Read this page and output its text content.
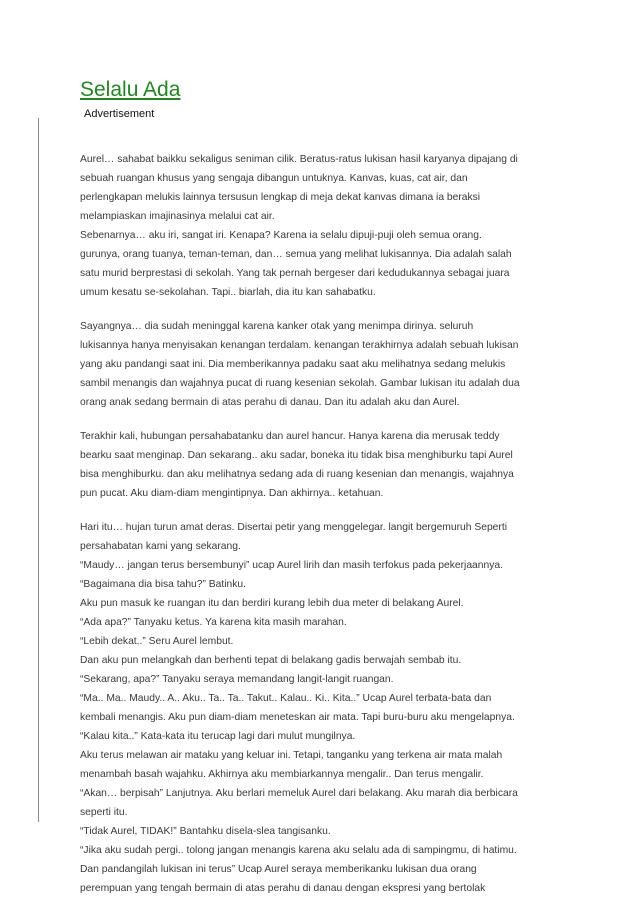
Selalu Ada
Advertisement
Aurel… sahabat baikku sekaligus seniman cilik. Beratus-ratus lukisan hasil karyanya dipajang di
sebuah ruangan khusus yang sengaja dibangun untuknya. Kanvas, kuas, cat air, dan
perlengkapan melukis lainnya tersusun lengkap di meja dekat kanvas dimana ia beraksi
melampiaskan imajinasinya melalui cat air.
Sebenarnya… aku iri, sangat iri. Kenapa? Karena ia selalu dipuji-puji oleh semua orang.
gurunya, orang tuanya, teman-teman, dan… semua yang melihat lukisannya. Dia adalah salah
satu murid berprestasi di sekolah. Yang tak pernah bergeser dari kedudukannya sebagai juara
umum kesatu se-sekolahan. Tapi.. biarlah, dia itu kan sahabatku.
Sayangnya… dia sudah meninggal karena kanker otak yang menimpa dirinya. seluruh
lukisannya hanya menyisakan kenangan terdalam. kenangan terakhirnya adalah sebuah lukisan
yang aku pandangi saat ini. Dia memberikannya padaku saat aku melihatnya sedang melukis
sambil menangis dan wajahnya pucat di ruang kesenian sekolah. Gambar lukisan itu adalah dua
orang anak sedang bermain di atas perahu di danau. Dan itu adalah aku dan Aurel.
Terakhir kali, hubungan persahabatanku dan aurel hancur. Hanya karena dia merusak teddy
bearku saat menginap. Dan sekarang.. aku sadar, boneka itu tidak bisa menghiburku tapi Aurel
bisa menghiburku. dan aku melihatnya sedang ada di ruang kesenian dan menangis, wajahnya
pun pucat. Aku diam-diam mengintipnya. Dan akhirnya.. ketahuan.
Hari itu… hujan turun amat deras. Disertai petir yang menggelegar. langit bergemuruh Seperti
persahabatan kami yang sekarang.
“Maudy… jangan terus bersembunyi” ucap Aurel lirih dan masih terfokus pada pekerjaannya.
“Bagaimana dia bisa tahu?” Batinku.
Aku pun masuk ke ruangan itu dan berdiri kurang lebih dua meter di belakang Aurel.
“Ada apa?” Tanyaku ketus. Ya karena kita masih marahan.
“Lebih dekat..” Seru Aurel lembut.
Dan aku pun melangkah dan berhenti tepat di belakang gadis berwajah sembab itu.
“Sekarang, apa?” Tanyaku seraya memandang langit-langit ruangan.
“Ma.. Ma.. Maudy.. A.. Aku.. Ta.. Ta.. Takut.. Kalau.. Ki.. Kita..” Ucap Aurel terbata-bata dan
kembali menangis. Aku pun diam-diam meneteskan air mata. Tapi buru-buru aku mengelapnya.
“Kalau kita..” Kata-kata itu terucap lagi dari mulut mungilnya.
Aku terus melawan air mataku yang keluar ini. Tetapi, tanganku yang terkena air mata malah
menambah basah wajahku. Akhirnya aku membiarkannya mengalir.. Dan terus mengalir.
“Akan… berpisah” Lanjutnya. Aku berlari memeluk Aurel dari belakang. Aku marah dia berbicara
seperti itu.
“Tidak Aurel, TIDAK!” Bantahku disela-slea tangisanku.
“Jika aku sudah pergi.. tolong jangan menangis karena aku selalu ada di sampingmu, di hatimu.
Dan pandangilah lukisan ini terus” Ucap Aurel seraya memberikanku lukisan dua orang
perempuan yang tengah bermain di atas perahu di danau dengan ekspresi yang bertolak
